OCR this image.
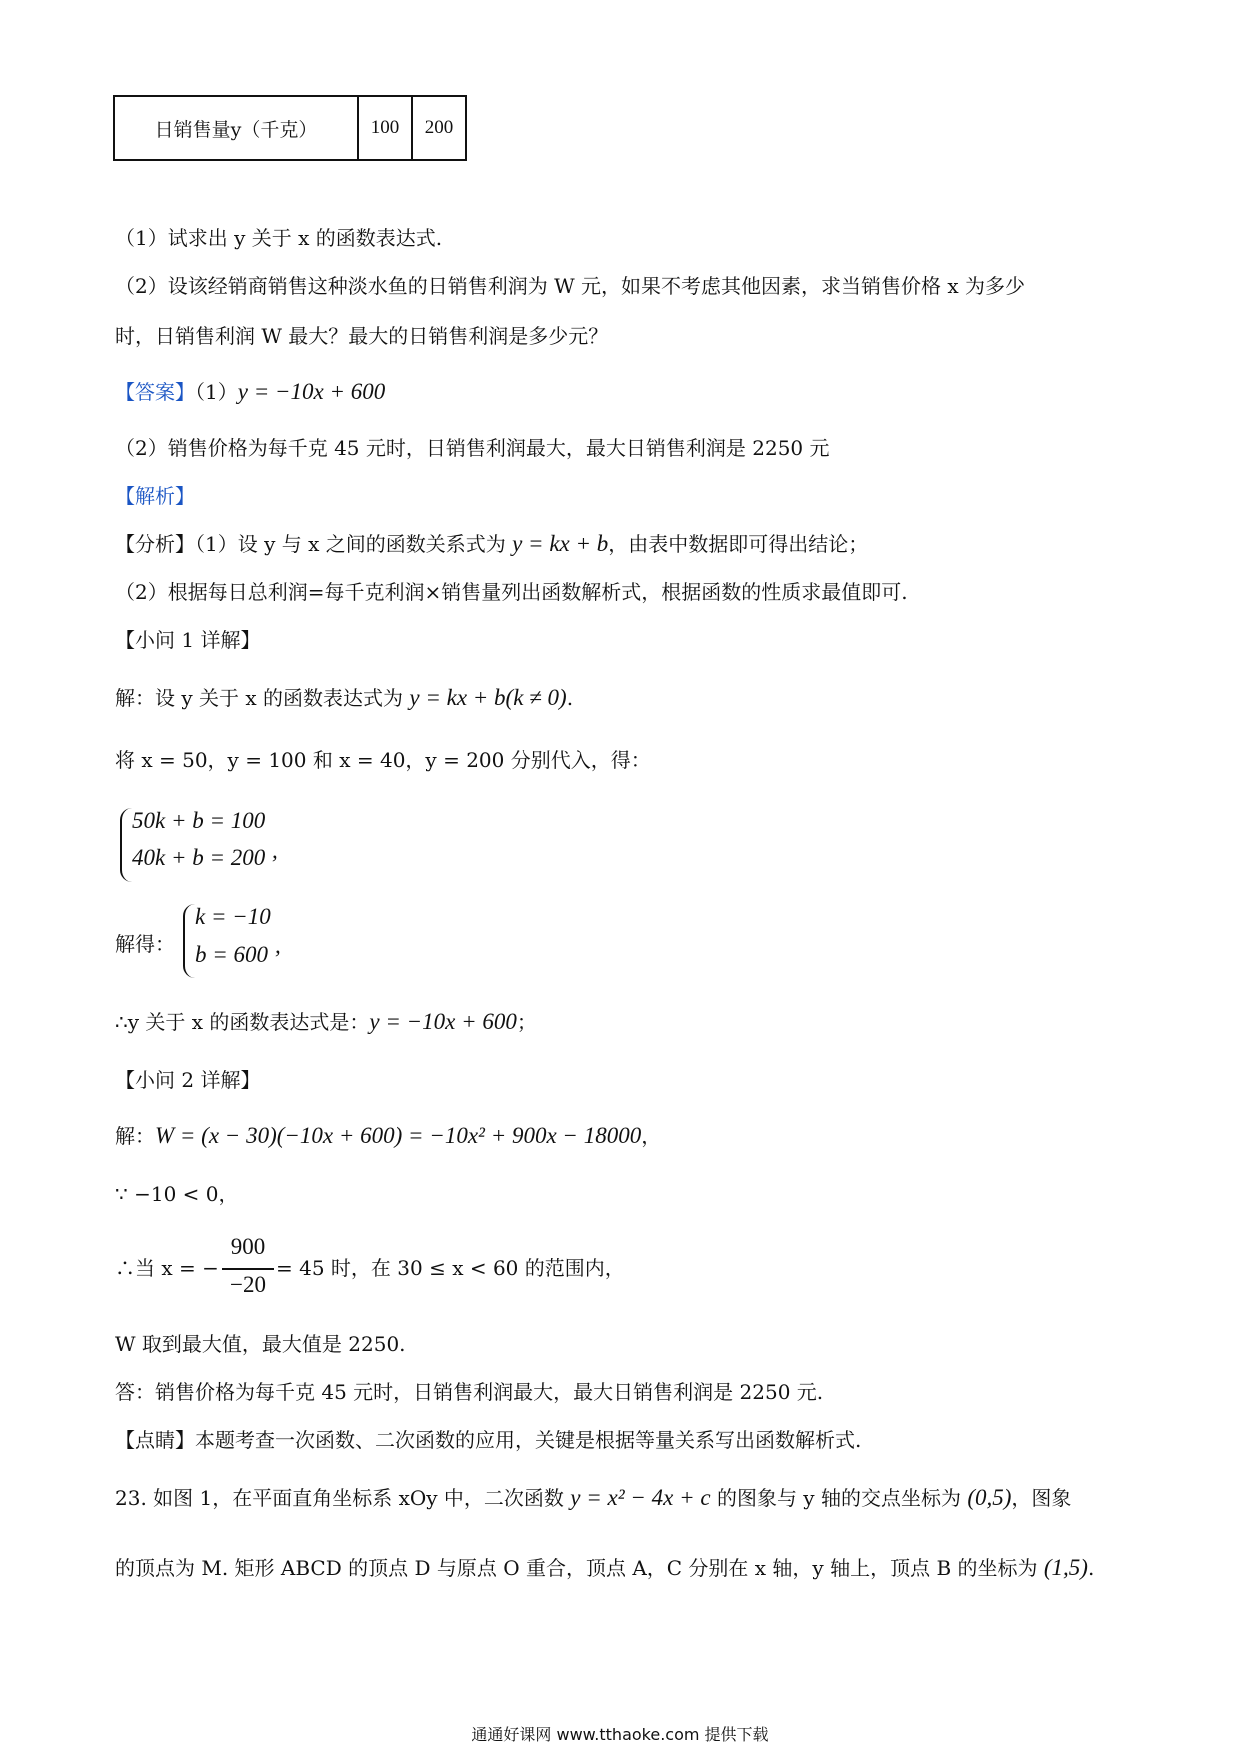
日销售量y（千克）	100	200
（1）试求出 y 关于 x 的函数表达式.
（2）设该经销商销售这种淡水鱼的日销售利润为 W 元，如果不考虑其他因素，求当销售价格 x 为多少
时，日销售利润 W 最大？最大的日销售利润是多少元？
【答案】（1）y = −10x + 600
（2）销售价格为每千克 45 元时，日销售利润最大，最大日销售利润是 2250 元
【解析】
【分析】（1）设 y 与 x 之间的函数关系式为 y = kx + b，由表中数据即可得出结论；
（2）根据每日总利润=每千克利润×销售量列出函数解析式，根据函数的性质求最值即可.
【小问 1 详解】
解：设 y 关于 x 的函数表达式为 y = kx + b(k ≠ 0).
将 x = 50，y = 100 和 x = 40，y = 200 分别代入，得：
50k + b = 100
40k + b = 200 ,
解得：
k = −10
b = 600 ,
∴y 关于 x 的函数表达式是：y = −10x + 600；
【小问 2 详解】
解：W = (x − 30)(−10x + 600) = −10x² + 900x − 18000，
∵ −10 < 0，
∴当 x = −
900
−20
= 45 时，在 30 ≤ x < 60 的范围内，
W 取到最大值，最大值是 2250.
答：销售价格为每千克 45 元时，日销售利润最大，最大日销售利润是 2250 元.
【点睛】本题考查一次函数、二次函数的应用，关键是根据等量关系写出函数解析式.
23. 如图 1，在平面直角坐标系 xOy 中，二次函数 y = x² − 4x + c 的图象与 y 轴的交点坐标为 (0,5)，图象
的顶点为 M. 矩形 ABCD 的顶点 D 与原点 O 重合，顶点 A，C 分别在 x 轴，y 轴上，顶点 B 的坐标为 (1,5).
通通好课网 www.tthaoke.com 提供下载
